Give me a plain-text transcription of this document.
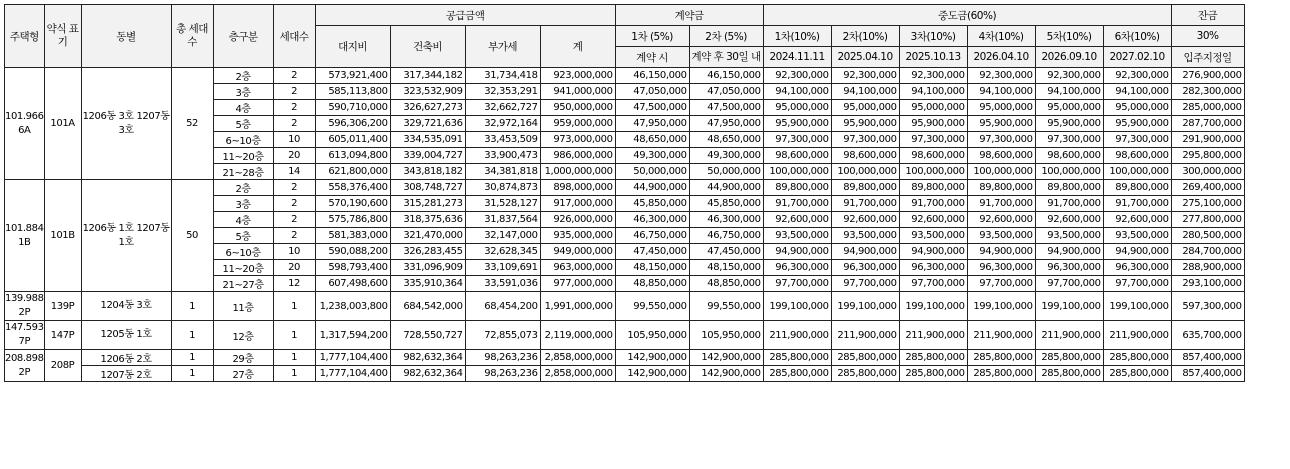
주택형	약식 표기	동별	총 세대수	층구분	세대수	공급금액				계약금		중도금(60%)						잔금
						대지비	건축비	부가세	계	1차 (5%)	2차 (5%)	1차(10%)	2차(10%)	3차(10%)	4차(10%)	5차(10%)	6차(10%)	30%
										계약 시	계약 후 30일 내	2024.11.11	2025.04.10	2025.10.13	2026.04.10	2026.09.10	2027.02.10	입주지정일
101.966 6A	101A	1206동 3호 1207동 3호	52	2층	2	573,921,400	317,344,182	31,734,418	923,000,000	46,150,000	46,150,000	92,300,000	92,300,000	92,300,000	92,300,000	92,300,000	92,300,000	276,900,000
				3층	2	585,113,800	323,532,909	32,353,291	941,000,000	47,050,000	47,050,000	94,100,000	94,100,000	94,100,000	94,100,000	94,100,000	94,100,000	282,300,000
				4층	2	590,710,000	326,627,273	32,662,727	950,000,000	47,500,000	47,500,000	95,000,000	95,000,000	95,000,000	95,000,000	95,000,000	95,000,000	285,000,000
				5층	2	596,306,200	329,721,636	32,972,164	959,000,000	47,950,000	47,950,000	95,900,000	95,900,000	95,900,000	95,900,000	95,900,000	95,900,000	287,700,000
				6~10층	10	605,011,400	334,535,091	33,453,509	973,000,000	48,650,000	48,650,000	97,300,000	97,300,000	97,300,000	97,300,000	97,300,000	97,300,000	291,900,000
				11~20층	20	613,094,800	339,004,727	33,900,473	986,000,000	49,300,000	49,300,000	98,600,000	98,600,000	98,600,000	98,600,000	98,600,000	98,600,000	295,800,000
				21~28층	14	621,800,000	343,818,182	34,381,818	1,000,000,000	50,000,000	50,000,000	100,000,000	100,000,000	100,000,000	100,000,000	100,000,000	100,000,000	300,000,000
101.884 1B	101B	1206동 1호 1207동 1호	50	2층	2	558,376,400	308,748,727	30,874,873	898,000,000	44,900,000	44,900,000	89,800,000	89,800,000	89,800,000	89,800,000	89,800,000	89,800,000	269,400,000
				3층	2	570,190,600	315,281,273	31,528,127	917,000,000	45,850,000	45,850,000	91,700,000	91,700,000	91,700,000	91,700,000	91,700,000	91,700,000	275,100,000
				4층	2	575,786,800	318,375,636	31,837,564	926,000,000	46,300,000	46,300,000	92,600,000	92,600,000	92,600,000	92,600,000	92,600,000	92,600,000	277,800,000
				5층	2	581,383,000	321,470,000	32,147,000	935,000,000	46,750,000	46,750,000	93,500,000	93,500,000	93,500,000	93,500,000	93,500,000	93,500,000	280,500,000
				6~10층	10	590,088,200	326,283,455	32,628,345	949,000,000	47,450,000	47,450,000	94,900,000	94,900,000	94,900,000	94,900,000	94,900,000	94,900,000	284,700,000
				11~20층	20	598,793,400	331,096,909	33,109,691	963,000,000	48,150,000	48,150,000	96,300,000	96,300,000	96,300,000	96,300,000	96,300,000	96,300,000	288,900,000
				21~27층	12	607,498,600	335,910,364	33,591,036	977,000,000	48,850,000	48,850,000	97,700,000	97,700,000	97,700,000	97,700,000	97,700,000	97,700,000	293,100,000
139.988 2P	139P	1204동 3호	1	11층	1	1,238,003,800	684,542,000	68,454,200	1,991,000,000	99,550,000	99,550,000	199,100,000	199,100,000	199,100,000	199,100,000	199,100,000	199,100,000	597,300,000
147.593 7P	147P	1205동 1호	1	12층	1	1,317,594,200	728,550,727	72,855,073	2,119,000,000	105,950,000	105,950,000	211,900,000	211,900,000	211,900,000	211,900,000	211,900,000	211,900,000	635,700,000
208.898 2P	208P	1206동 2호	1	29층	1	1,777,104,400	982,632,364	98,263,236	2,858,000,000	142,900,000	142,900,000	285,800,000	285,800,000	285,800,000	285,800,000	285,800,000	285,800,000	857,400,000
		1207동 2호	1	27층	1	1,777,104,400	982,632,364	98,263,236	2,858,000,000	142,900,000	142,900,000	285,800,000	285,800,000	285,800,000	285,800,000	285,800,000	285,800,000	857,400,000
